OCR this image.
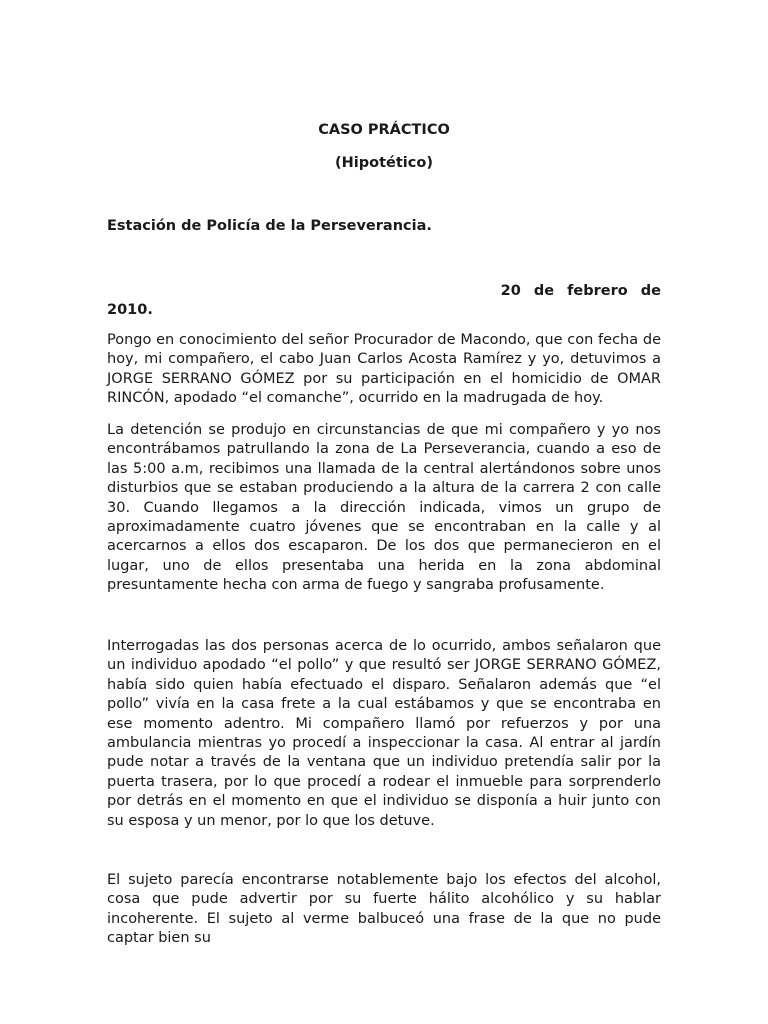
CASO PRÁCTICO

(Hipotético)

Estación de Policía de la Perseverancia.

20 de febrero de
2010.

Pongo en conocimiento del señor Procurador de Macondo, que con fecha de hoy, mi compañero, el cabo Juan Carlos Acosta Ramírez y yo, detuvimos a JORGE SERRANO GÓMEZ por su participación en el homicidio de OMAR RINCÓN, apodado “el comanche”, ocurrido en la madrugada de hoy.

La detención se produjo en circunstancias de que mi compañero y yo nos encontrábamos patrullando la zona de La Perseverancia, cuando a eso de las 5:00 a.m, recibimos una llamada de la central alertándonos sobre unos disturbios que se estaban produciendo a la altura de la carrera 2 con calle 30. Cuando llegamos a la dirección indicada, vimos un grupo de aproximadamente cuatro jóvenes que se encontraban en la calle y al acercarnos a ellos dos escaparon. De los dos que permanecieron en el lugar, uno de ellos presentaba una herida en la zona abdominal presuntamente hecha con arma de fuego y sangraba profusamente.

Interrogadas las dos personas acerca de lo ocurrido, ambos señalaron que un individuo apodado “el pollo” y que resultó ser JORGE SERRANO GÓMEZ, había sido quien había efectuado el disparo. Señalaron además que “el pollo” vivía en la casa frete a la cual estábamos y que se encontraba en ese momento adentro. Mi compañero llamó por refuerzos y por una ambulancia mientras yo procedí a inspeccionar la casa. Al entrar al jardín pude notar a través de la ventana que un individuo pretendía salir por la puerta trasera, por lo que procedí a rodear el inmueble para sorprenderlo por detrás en el momento en que el individuo se disponía a huir junto con su esposa y un menor, por lo que los detuve.

El sujeto parecía encontrarse notablemente bajo los efectos del alcohol, cosa que pude advertir por su fuerte hálito alcohólico y su hablar incoherente. El sujeto al verme balbuceó una frase de la que no pude captar bien su
